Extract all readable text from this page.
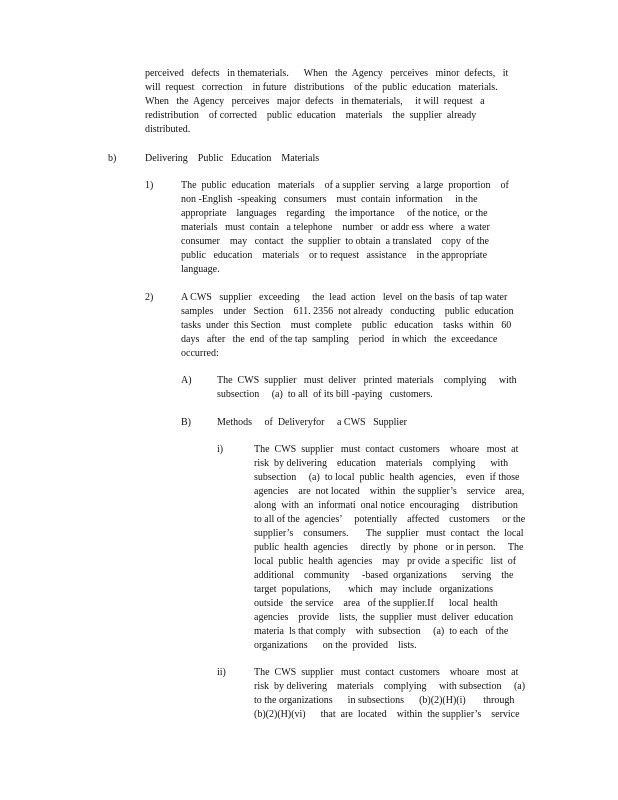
perceived   defects   in thematerials.      When   the  Agency   perceives   minor  defects,   it

will  request   correction    in future   distributions    of the  public  education   materials.

When   the  Agency   perceives   major  defects   in thematerials,     it will  request   a

redistribution    of corrected    public  education    materials    the  supplier  already

distributed.

b)	Delivering    Public   Education    Materials
1)	The  public  education   materials    of a supplier  serving   a large  proportion    of

non -English  -speaking   consumers    must  contain  information     in the

appropriate    languages    regarding    the importance     of the notice,  or the

materials   must  contain   a telephone    number   or addr ess  where   a water

consumer    may   contact   the  supplier  to obtain  a translated    copy  of the

public   education    materials    or to request   assistance    in the appropriate

language.

2)	A CWS   supplier   exceeding     the  lead  action   level  on the basis  of tap water

samples    under   Section    611. 2356  not already   conducting    public  education

tasks  under  this Section    must  complete    public   education    tasks  within   60

days   after   the  end  of the tap  sampling    period   in which   the  exceedance

occurred:

A)	The  CWS  supplier   must  deliver   printed  materials    complying     with

subsection     (a)  to all  of its bill -paying   customers.

B)	Methods     of  Deliveryfor     a CWS   Supplier
i)	The  CWS  supplier   must  contact  customers    whoare   most  at

risk  by delivering    education    materials    complying      with

subsection     (a)  to local  public  health  agencies,    even  if those

agencies    are  not located    within   the supplier’s    service    area,

along  with  an  informati  onal notice  encouraging     distribution

to all of the  agencies’     potentially    affected    customers     or the

supplier’s    consumers.       The  supplier   must  contact   the  local

public  health  agencies     directly   by  phone   or in person.     The

local  public  health  agencies    may   pr ovide  a specific   list  of

additional    community     -based  organizations      serving    the

target  populations,       which   may  include   organizations

outside   the service    area   of the supplier.If      local  health

agencies    provide    lists,  the  supplier  must  deliver  education

materia  ls that comply    with  subsection     (a)  to each   of the

organizations      on the  provided    lists.

ii)	The  CWS  supplier   must  contact  customers    whoare   most  at

risk  by delivering    materials    complying     with subsection     (a)

to the organizations      in subsections      (b)(2)(H)(i)       through

(b)(2)(H)(vi)      that  are  located    within  the supplier’s    service
